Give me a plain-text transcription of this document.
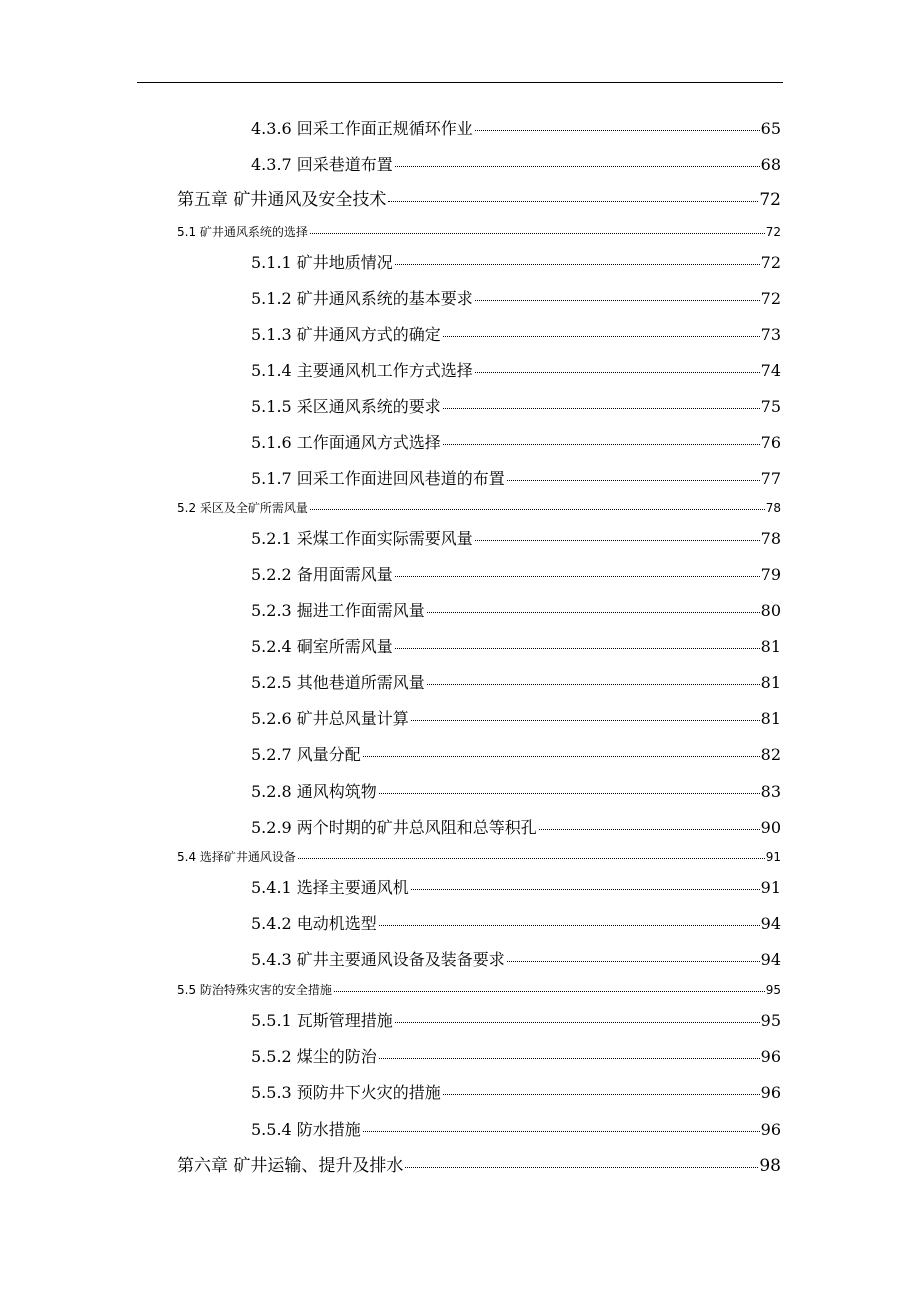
4.3.6 回采工作面正规循环作业	65
4.3.7 回采巷道布置	68
第五章 矿井通风及安全技术	72
5.1 矿井通风系统的选择	72
5.1.1 矿井地质情况	72
5.1.2 矿井通风系统的基本要求	72
5.1.3 矿井通风方式的确定	73
5.1.4 主要通风机工作方式选择	74
5.1.5 采区通风系统的要求	75
5.1.6 工作面通风方式选择	76
5.1.7 回采工作面进回风巷道的布置	77
5.2 采区及全矿所需风量	78
5.2.1 采煤工作面实际需要风量	78
5.2.2 备用面需风量	79
5.2.3 掘进工作面需风量	80
5.2.4 硐室所需风量	81
5.2.5 其他巷道所需风量	81
5.2.6 矿井总风量计算	81
5.2.7 风量分配	82
5.2.8 通风构筑物	83
5.2.9 两个时期的矿井总风阻和总等积孔	90
5.4 选择矿井通风设备	91
5.4.1 选择主要通风机	91
5.4.2 电动机选型	94
5.4.3 矿井主要通风设备及装备要求	94
5.5 防治特殊灾害的安全措施	95
5.5.1 瓦斯管理措施	95
5.5.2 煤尘的防治	96
5.5.3 预防井下火灾的措施	96
5.5.4 防水措施	96
第六章 矿井运输、提升及排水	98
